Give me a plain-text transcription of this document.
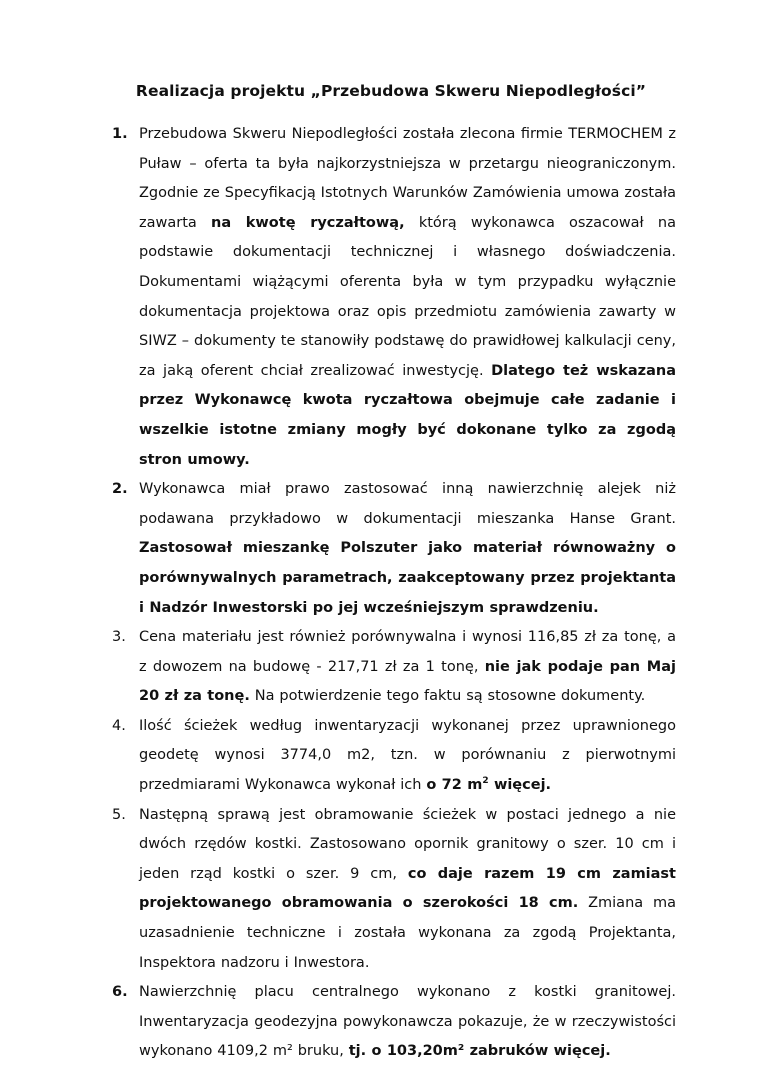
Realizacja projektu „Przebudowa Skweru Niepodległości”
1. Przebudowa Skweru Niepodległości została zlecona firmie TERMOCHEM z Puław – oferta ta była najkorzystniejsza w przetargu nieograniczonym. Zgodnie ze Specyfikacją Istotnych Warunków Zamówienia umowa została zawarta na kwotę ryczałtową, którą wykonawca oszacował na podstawie dokumentacji technicznej i własnego doświadczenia. Dokumentami wiążącymi oferenta była w tym przypadku wyłącznie dokumentacja projektowa oraz opis przedmiotu zamówienia zawarty w SIWZ – dokumenty te stanowiły podstawę do prawidłowej kalkulacji ceny, za jaką oferent chciał zrealizować inwestycję. Dlatego też wskazana przez Wykonawcę kwota ryczałtowa obejmuje całe zadanie i wszelkie istotne zmiany mogły być dokonane tylko za zgodą stron umowy.

2. Wykonawca miał prawo zastosować inną nawierzchnię alejek niż podawana przykładowo w dokumentacji mieszanka Hanse Grant. Zastosował mieszankę Polszuter jako materiał równoważny o porównywalnych parametrach, zaakceptowany przez projektanta i Nadzór Inwestorski po jej wcześniejszym sprawdzeniu.

3. Cena materiału jest również porównywalna i wynosi 116,85 zł za tonę, a z dowozem na budowę - 217,71 zł za 1 tonę, nie jak podaje pan Maj 20 zł za tonę. Na potwierdzenie tego faktu są stosowne dokumenty.

4. Ilość ścieżek według inwentaryzacji wykonanej przez uprawnionego geodetę wynosi 3774,0 m2, tzn. w porównaniu z pierwotnymi przedmiarami Wykonawca wykonał ich o 72 $m^2$ więcej.

5. Następną sprawą jest obramowanie ścieżek w postaci jednego a nie dwóch rzędów kostki. Zastosowano opornik granitowy o szer. 10 cm i jeden rząd kostki o szer. 9 cm, co daje razem 19 cm zamiast projektowanego obramowania o szerokości 18 cm. Zmiana ma uzasadnienie techniczne i została wykonana za zgodą Projektanta, Inspektora nadzoru i Inwestora.

6. Nawierzchnię placu centralnego wykonano z kostki granitowej. Inwentaryzacja geodezyjna powykonawcza pokazuje, że w rzeczywistości wykonano 4109,2 m² bruku, tj. o 103,20m² zabruków więcej.
